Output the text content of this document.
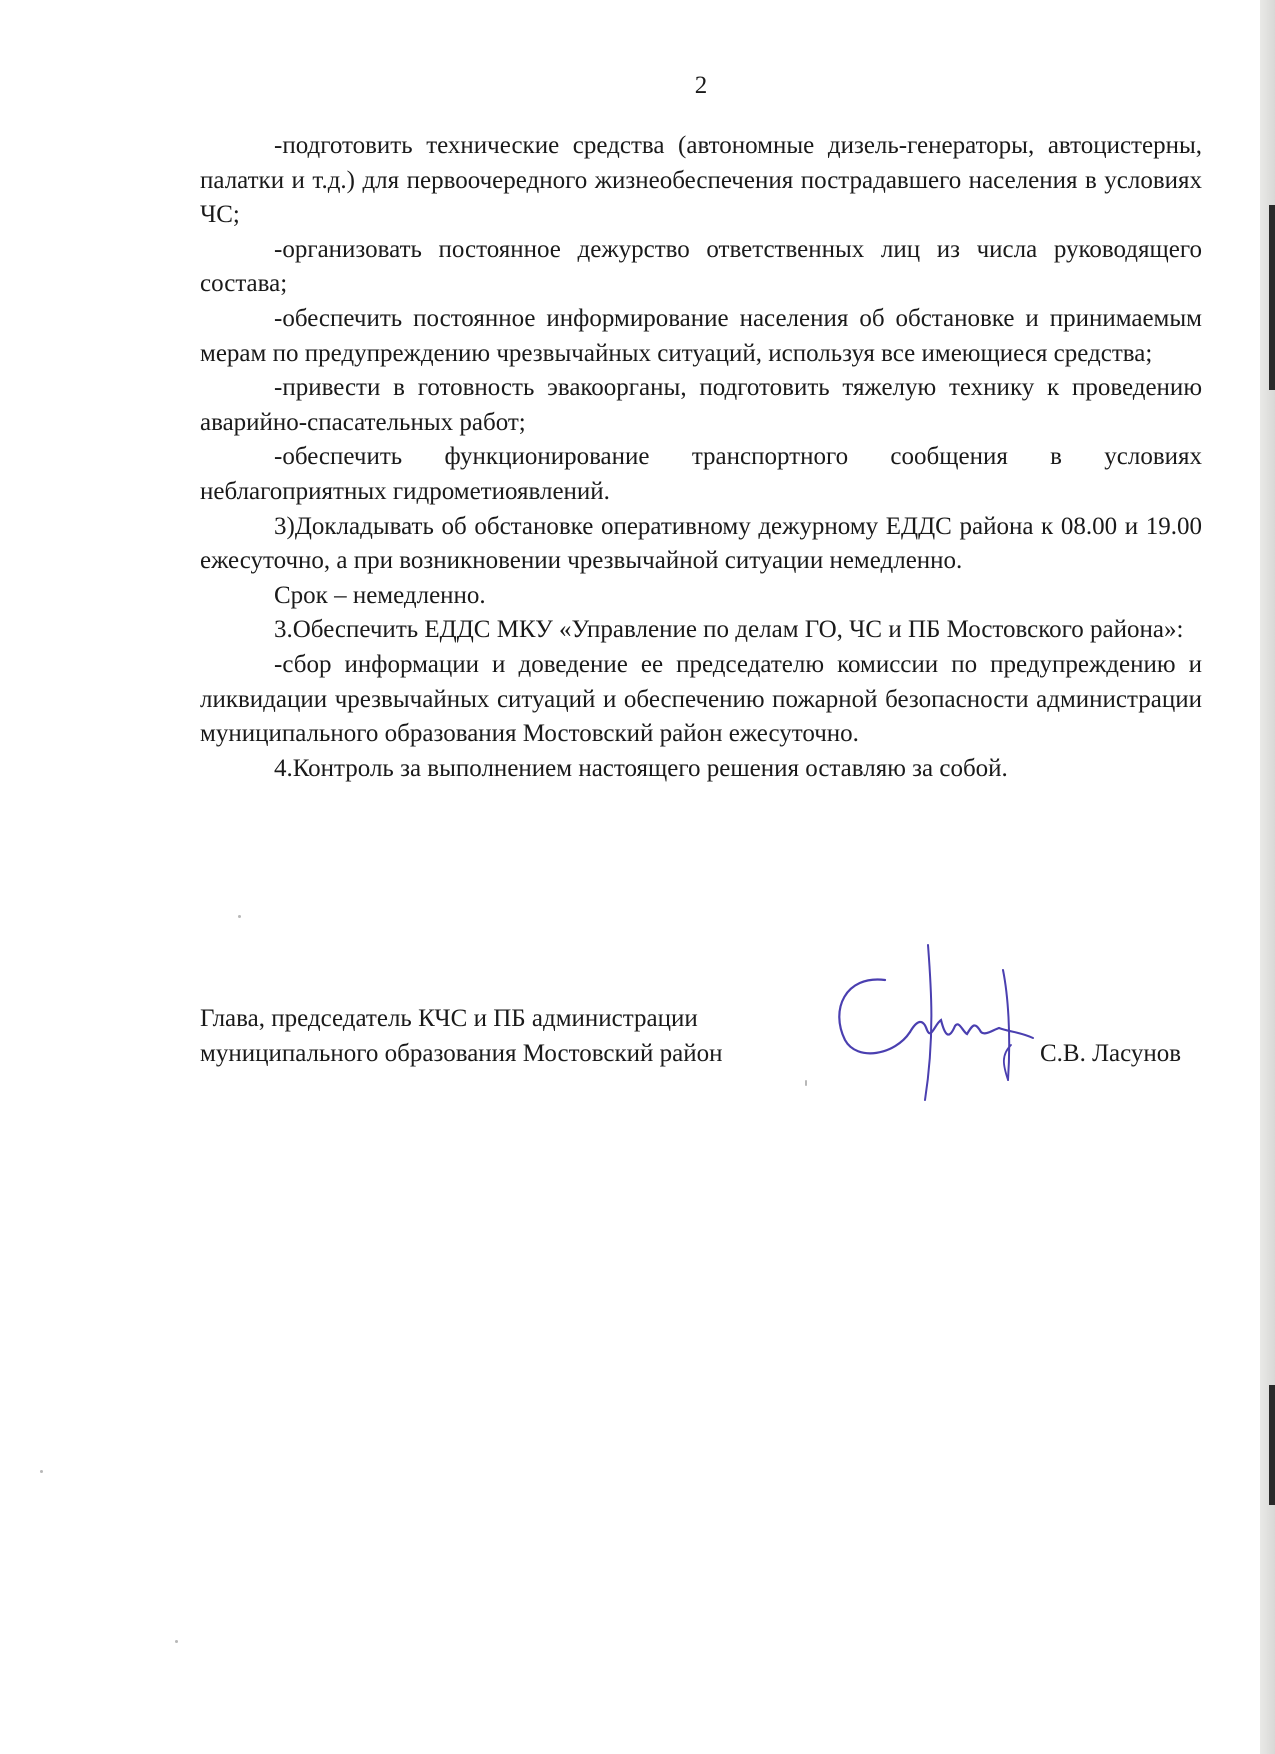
2

-подготовить технические средства (автономные дизель-генераторы, автоцистерны, палатки и т.д.) для первоочередного жизнеобеспечения пострадавшего населения в условиях ЧС;

-организовать постоянное дежурство ответственных лиц из числа руководящего состава;

-обеспечить постоянное информирование населения об обстановке и принимаемым мерам по предупреждению чрезвычайных ситуаций, используя все имеющиеся средства;

-привести в готовность эвакоорганы, подготовить тяжелую технику к проведению аварийно-спасательных работ;

-обеспечить функционирование транспортного сообщения в условиях неблагоприятных гидрометиоявлений.

3)Докладывать об обстановке оперативному дежурному ЕДДС района к 08.00 и 19.00 ежесуточно, а при возникновении чрезвычайной ситуации немедленно.

Срок – немедленно.

3.Обеспечить ЕДДС МКУ «Управление по делам ГО, ЧС и ПБ Мостовского района»:

-сбор информации и доведение ее председателю комиссии по предупреждению и ликвидации чрезвычайных ситуаций и обеспечению пожарной безопасности администрации муниципального образования Мостовский район ежесуточно.

4.Контроль за выполнением настоящего решения оставляю за собой.

Глава, председатель КЧС и ПБ администрации
муниципального образования Мостовский район	С.В. Ласунов
